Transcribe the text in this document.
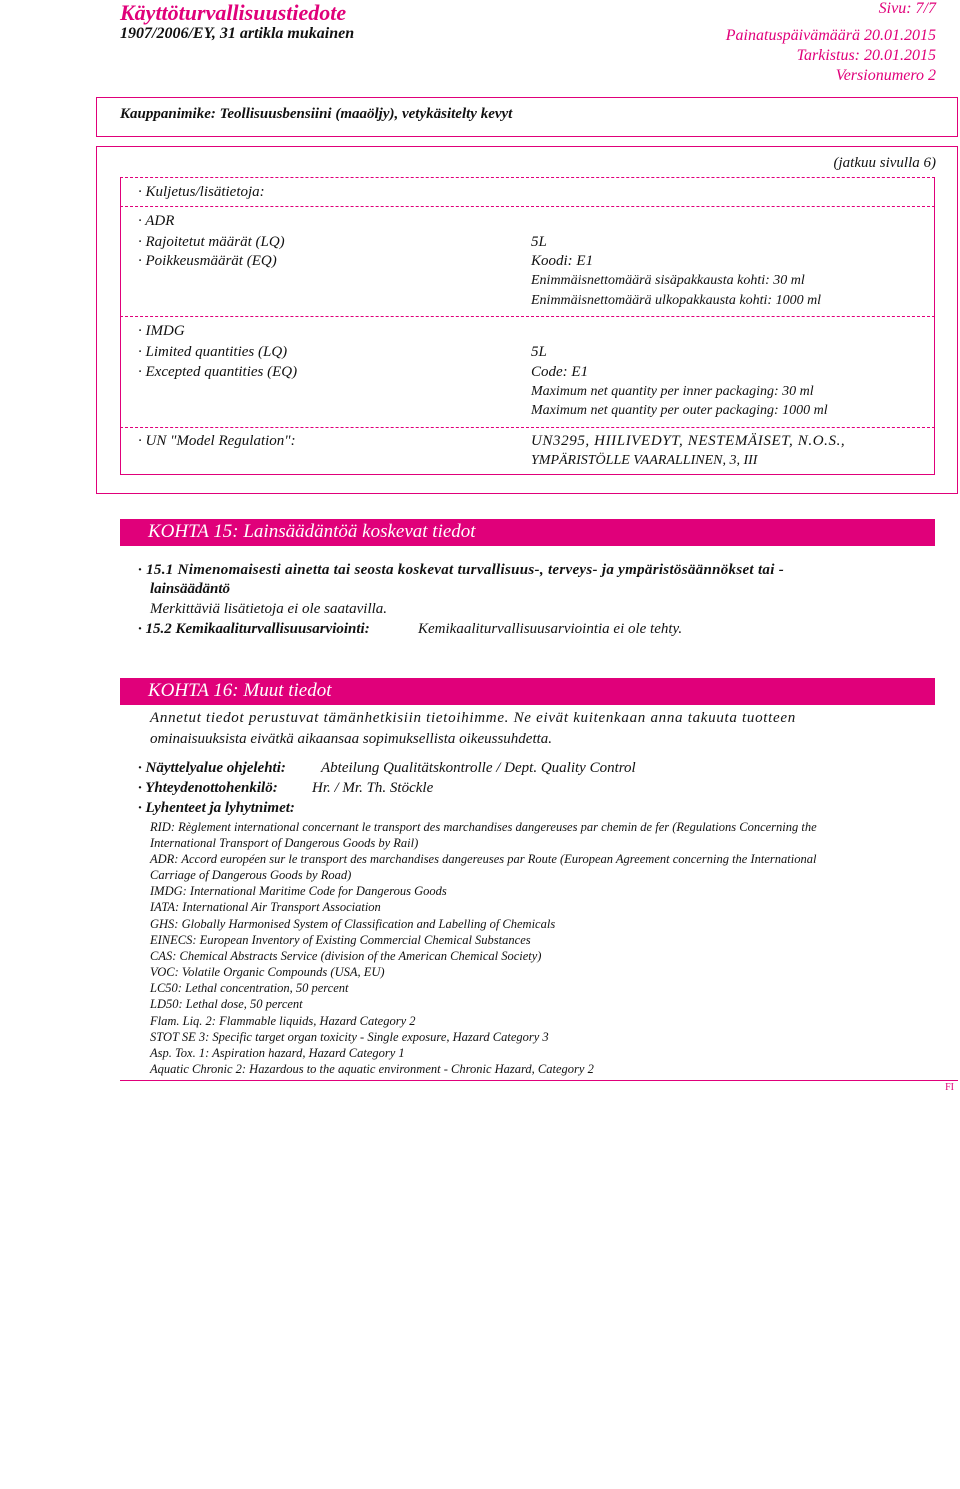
Käyttöturvallisuustiedote
1907/2006/EY, 31 artikla mukainen
Sivu: 7/7
Painatuspäivämäärä 20.01.2015
Tarkistus: 20.01.2015
Versionumero 2
Kauppanimike: Teollisuusbensiini (maaöljy), vetykäsitelty kevyt
(jatkuu sivulla 6)
· Kuljetus/lisätietoja:
· ADR
· Rajoitetut määrät (LQ)	5L
· Poikkeusmäärät (EQ)	Koodi: E1
Enimmäisnettomäärä sisäpakkausta kohti: 30 ml
Enimmäisnettomäärä ulkopakkausta kohti: 1000 ml
· IMDG
· Limited quantities (LQ)	5L
· Excepted quantities (EQ)	Code: E1
Maximum net quantity per inner packaging: 30 ml
Maximum net quantity per outer packaging: 1000 ml
· UN "Model Regulation":	UN3295, HIILIVEDYT, NESTEMÄISET, N.O.S.,
YMPÄRISTÖLLE VAARALLINEN, 3, III
KOHTA 15: Lainsäädäntöä koskevat tiedot
· 15.1 Nimenomaisesti ainetta tai seosta koskevat turvallisuus-, terveys- ja ympäristösäännökset tai -
lainsäädäntö
Merkittäviä lisätietoja ei ole saatavilla.
· 15.2 Kemikaaliturvallisuusarviointi:	Kemikaaliturvallisuusarviointia ei ole tehty.
KOHTA 16: Muut tiedot
Annetut tiedot perustuvat tämänhetkisiin tietoihimme. Ne eivät kuitenkaan anna takuuta tuotteen
ominaisuuksista eivätkä aikaansaa sopimuksellista oikeussuhdetta.
· Näyttelyalue ohjelehti: Abteilung Qualitätskontrolle / Dept. Quality Control
· Yhteydenottohenkilö: Hr. / Mr. Th. Stöckle
· Lyhenteet ja lyhytnimet:
RID: Règlement international concernant le transport des marchandises dangereuses par chemin de fer (Regulations Concerning the
International Transport of Dangerous Goods by Rail)
ADR: Accord européen sur le transport des marchandises dangereuses par Route (European Agreement concerning the International
Carriage of Dangerous Goods by Road)
IMDG: International Maritime Code for Dangerous Goods
IATA: International Air Transport Association
GHS: Globally Harmonised System of Classification and Labelling of Chemicals
EINECS: European Inventory of Existing Commercial Chemical Substances
CAS: Chemical Abstracts Service (division of the American Chemical Society)
VOC: Volatile Organic Compounds (USA, EU)
LC50: Lethal concentration, 50 percent
LD50: Lethal dose, 50 percent
Flam. Liq. 2: Flammable liquids, Hazard Category 2
STOT SE 3: Specific target organ toxicity - Single exposure, Hazard Category 3
Asp. Tox. 1: Aspiration hazard, Hazard Category 1
Aquatic Chronic 2: Hazardous to the aquatic environment - Chronic Hazard, Category 2
FI
